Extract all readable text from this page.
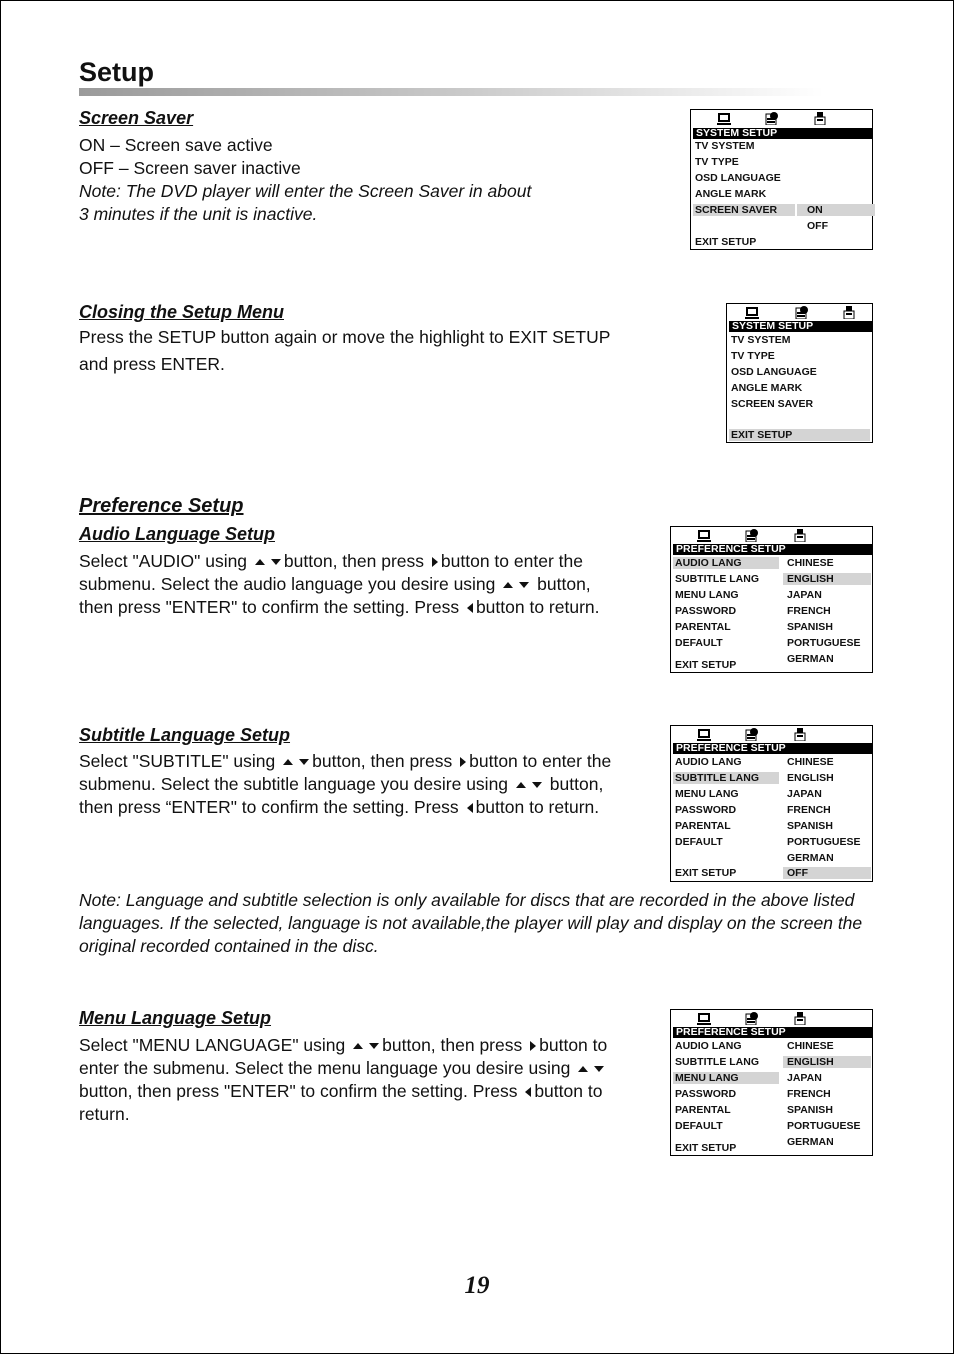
Setup
Screen Saver
ON – Screen save active
OFF – Screen saver inactive
Note: The DVD player will enter the Screen Saver in about
3 minutes if the unit is inactive.
Closing the Setup Menu
Press the SETUP button again or move the highlight to EXIT SETUP
and press ENTER.
Preference Setup
Audio Language Setup
Select "AUDIO" using button, then press button to enter the
submenu. Select the audio language you desire using button,
then press "ENTER" to confirm the setting. Press button to return.
Subtitle Language Setup
Select "SUBTITLE" using button, then press button to enter the
submenu. Select the subtitle language you desire using button,
then press “ENTER" to confirm the setting. Press button to return.
Note: Language and subtitle selection is only available for discs that are recorded in the above listed
languages. If the selected, language is not available,the player will play and display on the screen the
original recorded contained in the disc.
Menu Language Setup
Select "MENU LANGUAGE" using button, then press button to
enter the submenu. Select the menu language you desire using
button, then press "ENTER" to confirm the setting. Press button to
return.
SYSTEM SETUP
TV SYSTEM
TV TYPE
OSD LANGUAGE
ANGLE MARK
SCREEN SAVER	ON
OFF
EXIT SETUP
SYSTEM SETUP
TV SYSTEM
TV TYPE
OSD LANGUAGE
ANGLE MARK
SCREEN SAVER
EXIT SETUP
PREFERENCE SETUP
AUDIO LANG
SUBTITLE LANG
MENU LANG
PASSWORD
PARENTAL
DEFAULT
EXIT SETUP
CHINESE
ENGLISH
JAPAN
FRENCH
SPANISH
PORTUGUESE
GERMAN
PREFERENCE SETUP
AUDIO LANG
SUBTITLE LANG
MENU LANG
PASSWORD
PARENTAL
DEFAULT
EXIT SETUP
CHINESE
ENGLISH
JAPAN
FRENCH
SPANISH
PORTUGUESE
GERMAN
OFF
PREFERENCE SETUP
AUDIO LANG
SUBTITLE LANG
MENU LANG
PASSWORD
PARENTAL
DEFAULT
EXIT SETUP
CHINESE
ENGLISH
JAPAN
FRENCH
SPANISH
PORTUGUESE
GERMAN
19
